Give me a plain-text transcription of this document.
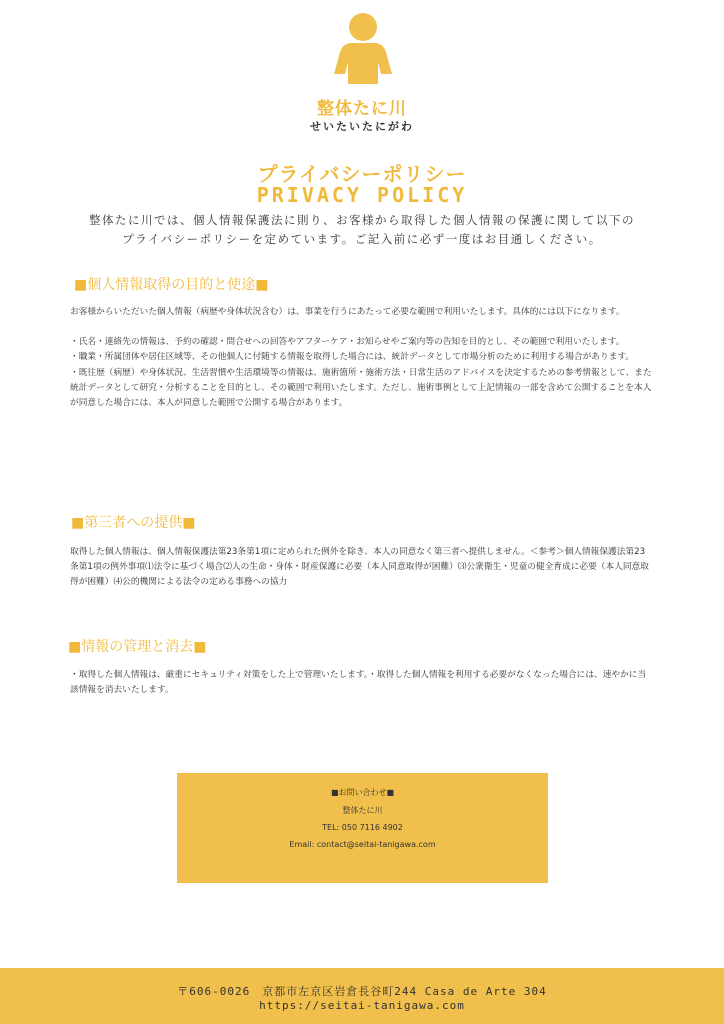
整体たに川
せいたいたにがわ
プライバシーポリシー
PRIVACY POLICY
整体たに川では、個人情報保護法に則り、お客様から取得した個人情報の保護に関して以下の
プライバシーポリシーを定めています。ご記入前に必ず一度はお目通しください。
■個人情報取得の目的と使途■

お客様からいただいた個人情報（病歴や身体状況含む）は、事業を行うにあたって必要な範囲で利用いたします。具体的には以下になります。

・氏名・連絡先の情報は、予約の確認・問合せへの回答やアフターケア・お知らせやご案内等の告知を目的とし、その範囲で利用いたします。

・職業・所属団体や居住区域等、その他個人に付随する情報を取得した場合には、統計データとして市場分析のために利用する場合があります。

・既往歴（病歴）や身体状況、生活習慣や生活環境等の情報は、施術箇所・施術方法・日常生活のアドバイスを決定するための参考情報として、また統計データとして研究・分析することを目的とし、その範囲で利用いたします。ただし、施術事例として上記情報の一部を含めて公開することを本人が同意した場合には、本人が同意した範囲で公開する場合があります。

■第三者への提供■

取得した個人情報は、個人情報保護法第23条第1項に定められた例外を除き、本人の同意なく第三者へ提供しません。＜参考＞個人情報保護法第23条第1項の例外事項⑴法令に基づく場合⑵人の生命・身体・財産保護に必要（本人同意取得が困難）⑶公衆衛生・児童の健全育成に必要（本人同意取得が困難）⑷公的機関による法令の定める事務への協力

■情報の管理と消去■

・取得した個人情報は、厳重にセキュリティ対策をした上で管理いたします。・取得した個人情報を利用する必要がなくなった場合には、速やかに当該情報を消去いたします。

■お問い合わせ■
整体たに川
TEL: 050 7116 4902
Email: contact@seitai-tanigawa.com
〒606-0026　京都市左京区岩倉長谷町244 Casa de Arte 304
https://seitai-tanigawa.com
